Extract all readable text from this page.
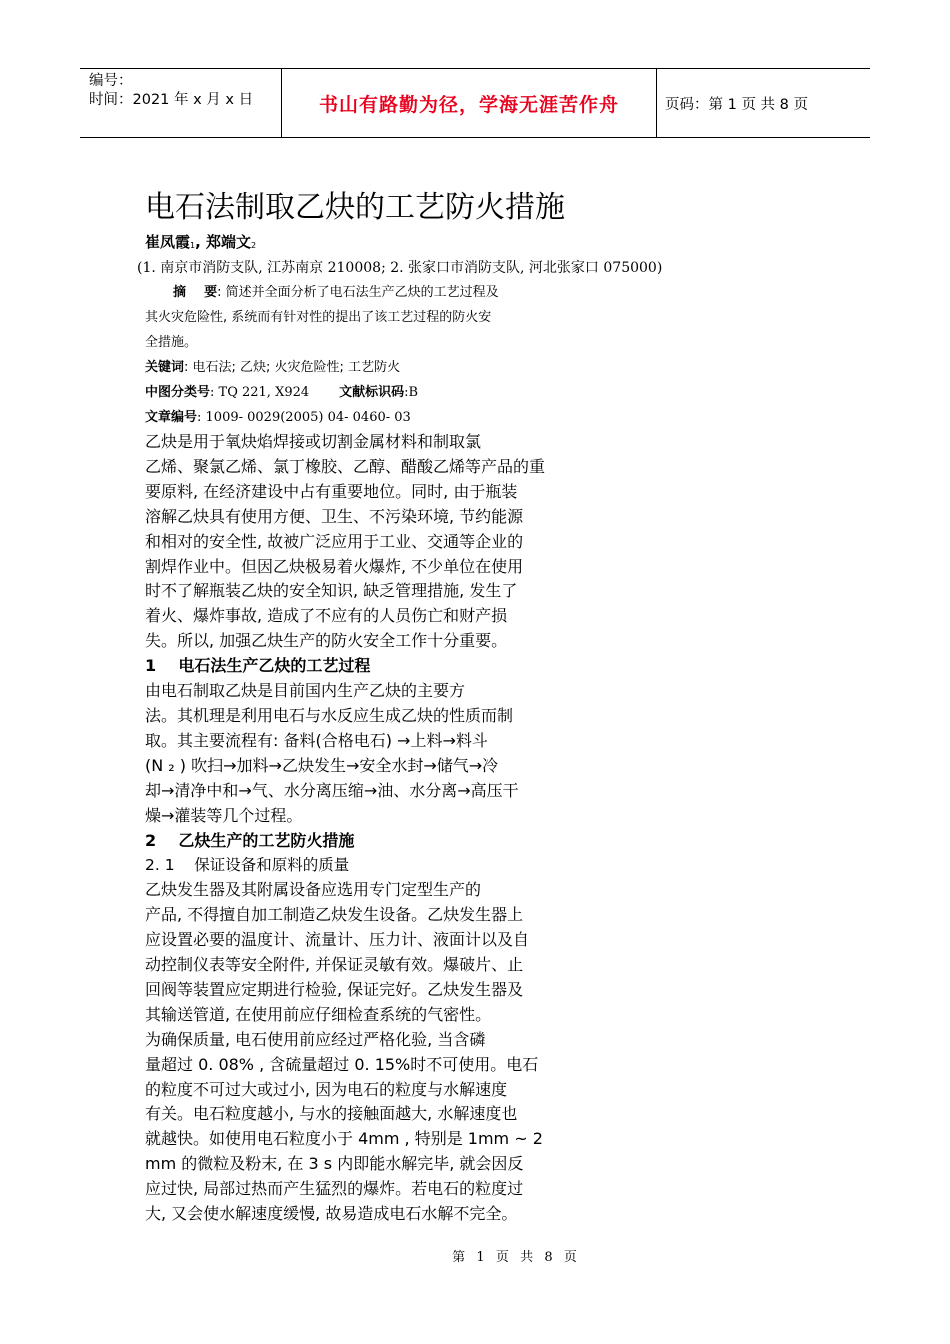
编号：
时间：2021 年 x 月 x 日	书山有路勤为径，学海无涯苦作舟	页码：第 1 页 共 8 页
电石法制取乙炔的工艺防火措施

崔凤霞$_1$, 郑端文$_2$

(1. 南京市消防支队, 江苏南京 210008; 2. 张家口市消防支队, 河北张家口 075000)

摘    要: 简述并全面分析了电石法生产乙炔的工艺过程及

其火灾危险性, 系统而有针对性的提出了该工艺过程的防火安

全措施。

关键词: 电石法; 乙炔; 火灾危险性; 工艺防火

中图分类号: TQ 221, X924 文献标识码:B

文章编号: 1009- 0029(2005) 04- 0460- 03

乙炔是用于氧炔焰焊接或切割金属材料和制取氯

乙烯、聚氯乙烯、氯丁橡胶、乙醇、醋酸乙烯等产品的重

要原料, 在经济建设中占有重要地位。同时, 由于瓶装

溶解乙炔具有使用方便、卫生、不污染环境, 节约能源

和相对的安全性, 故被广泛应用于工业、交通等企业的

割焊作业中。但因乙炔极易着火爆炸, 不少单位在使用

时不了解瓶装乙炔的安全知识, 缺乏管理措施, 发生了

着火、爆炸事故, 造成了不应有的人员伤亡和财产损

失。所以, 加强乙炔生产的防火安全工作十分重要。

1    电石法生产乙炔的工艺过程

由电石制取乙炔是目前国内生产乙炔的主要方

法。其机理是利用电石与水反应生成乙炔的性质而制

取。其主要流程有: 备料(合格电石) →上料→料斗

(N ₂ ) 吹扫→加料→乙炔发生→安全水封→储气→冷

却→清净中和→气、水分离压缩→油、水分离→高压干

燥→灌装等几个过程。

2    乙炔生产的工艺防火措施

2. 1    保证设备和原料的质量

乙炔发生器及其附属设备应选用专门定型生产的

产品, 不得擅自加工制造乙炔发生设备。乙炔发生器上

应设置必要的温度计、流量计、压力计、液面计以及自

动控制仪表等安全附件, 并保证灵敏有效。爆破片、止

回阀等装置应定期进行检验, 保证完好。乙炔发生器及

其输送管道, 在使用前应仔细检查系统的气密性。

为确保质量, 电石使用前应经过严格化验, 当含磷

量超过 0. 08% , 含硫量超过 0. 15%时不可使用。电石

的粒度不可过大或过小, 因为电石的粒度与水解速度

有关。电石粒度越小, 与水的接触面越大, 水解速度也

就越快。如使用电石粒度小于 4mm , 特别是 1mm ~ 2

mm 的微粒及粉末, 在 3 s 内即能水解完毕, 就会因反

应过快, 局部过热而产生猛烈的爆炸。若电石的粒度过

大, 又会使水解速度缓慢, 故易造成电石水解不完全。

第  1  页  共  8  页
